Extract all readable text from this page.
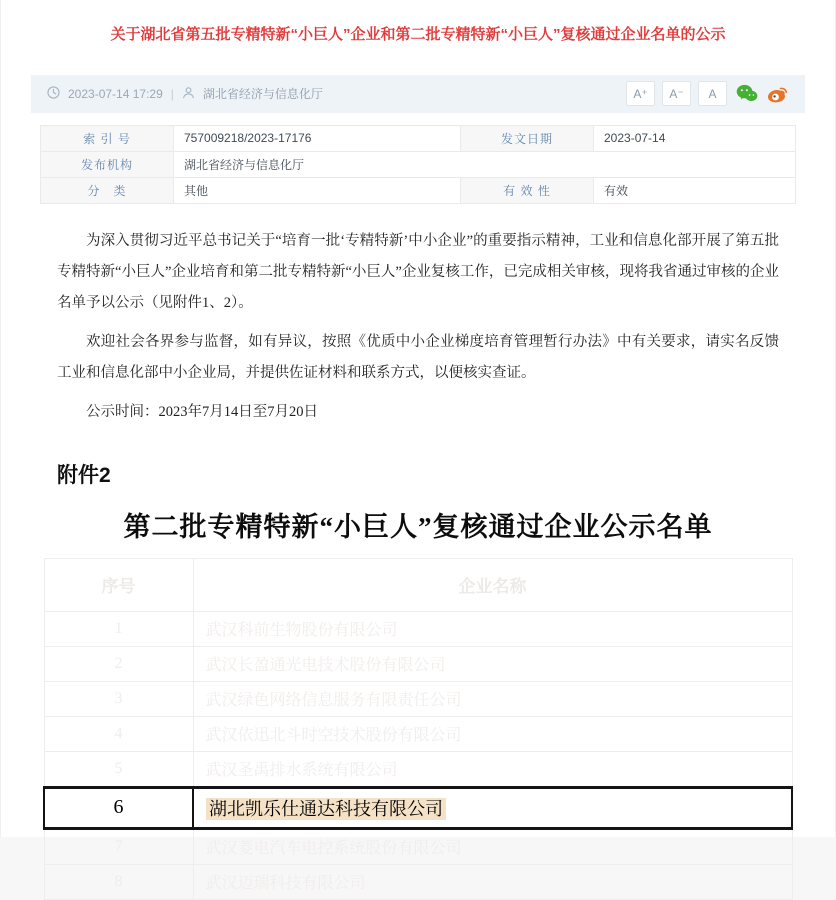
关于湖北省第五批专精特新“小巨人”企业和第二批专精特新“小巨人”复核通过企业名单的公示
2023-07-14 17:29 | 湖北省经济与信息化厅	A⁺	A⁻	A
索 引 号	757009218/2023-17176	发文日期	2023-07-14
发布机构	湖北省经济与信息化厅		
分　类	其他	有 效 性	有效

为深入贯彻习近平总书记关于“培育一批‘专精特新’中小企业”的重要指示精神，工业和信息化部开展了第五批专精特新“小巨人”企业培育和第二批专精特新“小巨人”企业复核工作，已完成相关审核，现将我省通过审核的企业名单予以公示（见附件1、2）。

欢迎社会各界参与监督，如有异议，按照《优质中小企业梯度培育管理暂行办法》中有关要求，请实名反馈工业和信息化部中小企业局，并提供佐证材料和联系方式，以便核实查证。

公示时间：2023年7月14日至7月20日

附件2
第二批专精特新“小巨人”复核通过企业公示名单
序号	企业名称
1	武汉科前生物股份有限公司
2	武汉长盈通光电技术股份有限公司
3	武汉绿色网络信息服务有限责任公司
4	武汉依迅北斗时空技术股份有限公司
5	武汉圣禹排水系统有限公司
6	湖北凯乐仕通达科技有限公司
7	武汉菱电汽车电控系统股份有限公司
8	武汉迈瑞科技有限公司
